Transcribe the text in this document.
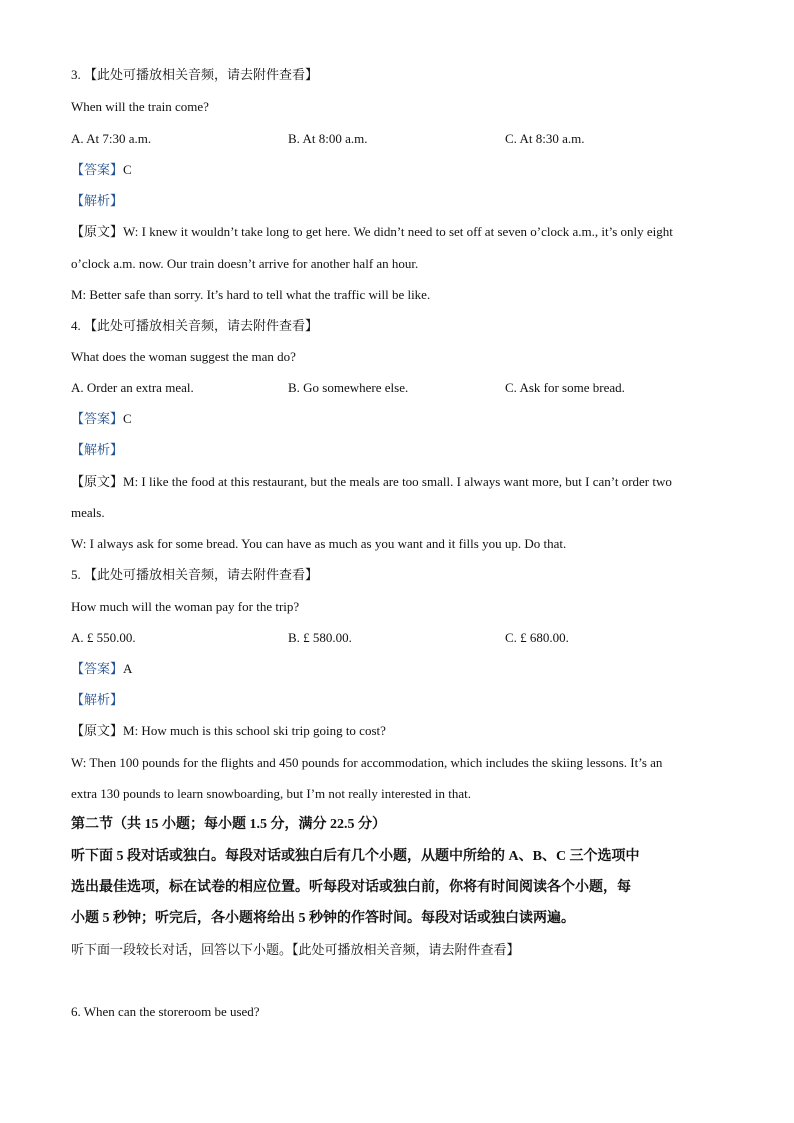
3. 【此处可播放相关音频，请去附件查看】
When will the train come?
A. At 7:30 a.m.	B. At 8:00 a.m.	C. At 8:30 a.m.
【答案】C
【解析】
【原文】W: I knew it wouldn’t take long to get here. We didn’t need to set off at seven o’clock a.m., it’s only eight
o’clock a.m. now. Our train doesn’t arrive for another half an hour.
M: Better safe than sorry. It’s hard to tell what the traffic will be like.
4. 【此处可播放相关音频，请去附件查看】
What does the woman suggest the man do?
A. Order an extra meal.	B. Go somewhere else.	C. Ask for some bread.
【答案】C
【解析】
【原文】M: I like the food at this restaurant, but the meals are too small. I always want more, but I can’t order two
meals.
W: I always ask for some bread. You can have as much as you want and it fills you up. Do that.
5. 【此处可播放相关音频，请去附件查看】
How much will the woman pay for the trip?
A. £ 550.00.	B. £ 580.00.	C. £ 680.00.
【答案】A
【解析】
【原文】M: How much is this school ski trip going to cost?
W: Then 100 pounds for the flights and 450 pounds for accommodation, which includes the skiing lessons. It’s an
extra 130 pounds to learn snowboarding, but I’m not really interested in that.
第二节（共 15 小题；每小题 1.5 分，满分 22.5 分）
听下面 5 段对话或独白。每段对话或独白后有几个小题，从题中所给的 A、B、C 三个选项中
选出最佳选项，标在试卷的相应位置。听每段对话或独白前，你将有时间阅读各个小题，每
小题 5 秒钟；听完后，各小题将给出 5 秒钟的作答时间。每段对话或独白读两遍。
听下面一段较长对话，回答以下小题。【此处可播放相关音频，请去附件查看】
6. When can the storeroom be used?
